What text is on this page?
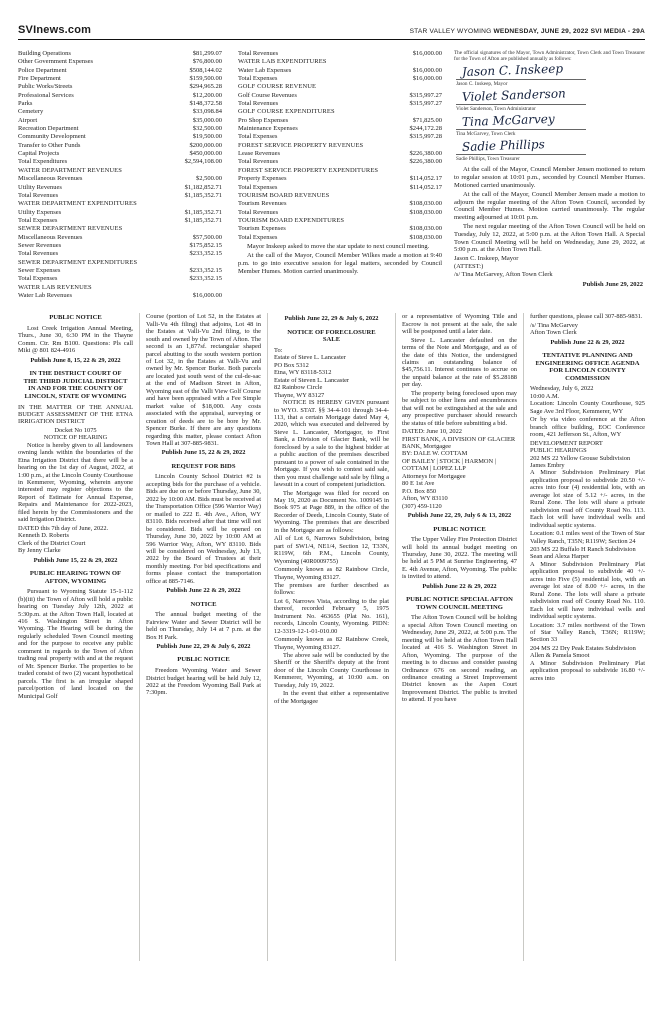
SVInews.com	STAR VALLEY WYOMING WEDNESDAY, JUNE 29, 2022 SVI MEDIA - 29A
Building Operations	$81,299.07
Other Government Expenses	$76,800.00
Police Department	$508,144.02
Fire Department	$159,500.00
Public Works/Streets	$294,965.28
Professional Services	$12,200.00
Parks	$148,372.58
Cemetery	$33,098.84
Airport	$35,000.00
Recreation Department	$32,500.00
Community Development	$19,500.00
Transfer to Other Funds	$200,000.00
Capital Projects	$450,000.00
Total Expenditures	$2,594,108.00
WATER DEPARTMENT REVENUES
Miscellaneous Revenues	$2,500.00
Utility Revenues	$1,182,852.71
Total Revenues	$1,185,352.71
WATER DEPARTMENT EXPENDITURES
Utility Expenses	$1,185,352.71
Total Expenses	$1,185,352.71
SEWER DEPARTMENT REVENUES
Miscellaneous Revenues	$57,500.00
Sewer Revenues	$175,852.15
Total Revenues	$233,352.15
SEWER DEPARTMENT EXPENDITURES
Sewer Expenses	$233,352.15
Total Expenses	$233,352.15
WATER LAB REVENUES
Water Lab Revenues	$16,000.00
Total Revenues	$16,000.00
WATER LAB EXPENDITURES
Water Lab Expenses	$16,000.00
Total Expenses	$16,000.00
GOLF COURSE REVENUE
Golf Course Revenues	$315,997.27
Total Revenues	$315,997.27
GOLF COURSE EXPENDITURES
Pro Shop Expenses	$71,825.00
Maintenance Expenses	$244,172.28
Total Expenses	$315,997.28
FOREST SERVICE PROPERTY REVENUES
Lease Revenues	$226,380.00
Total Revenues	$226,380.00
FOREST SERVICE PROPERTY EXPENDITURES
Property Expenses	$114,052.17
Total Expenses	$114,052.17
TOURISM BOARD REVENUES
Tourism Revenues	$108,030.00
Total Revenues	$108,030.00
TOURISM BOARD EXPENDITURES
Tourism Expenses	$108,030.00
Total Expenses	$108,030.00
Mayor Inskeep asked to move the star update to next council meeting.
At the call of the Mayor, Council Member Wilkes made a motion at 9:40 p.m. to go into executive session for legal matters, seconded by Council Member Humes. Motion carried unanimously.

The official signatures of the Mayor, Town Administrator, Town Clerk and Town Treasurer for the Town of Afton are published annually as follows:

Jason C. Inskeep
Jason C. Inskeep, Mayor
Violet Sanderson
Violet Sanderson, Town Administrator
Tina McGarvey
Tina McGarvey, Town Clerk
Sadie Phillips
Sadie Phillips, Town Treasurer
At the call of the Mayor, Council Member Jensen motioned to return to regular session at 10:01 p.m., seconded by Council Member Humes. Motioned carried unanimously.
At the call of the Mayor, Council Member Jensen made a motion to adjourn the regular meeting of the Afton Town Council, seconded by Council Member Humes. Motion carried unanimously. The regular meeting adjourned at 10:01 p.m.
The next regular meeting of the Afton Town Council will be held on Tuesday, July 12, 2022, at 5:00 p.m. at the Afton Town Hall. A Special Town Council Meeting will be held on Wednesday, June 29, 2022, at 5:00 p.m. at the Afton Town Hall.
Jason C. Inskeep, Mayor
(ATTEST:)
/s/ Tina McGarvey, Afton Town Clerk
Publish June 29, 2022
PUBLIC NOTICE
Lost Creek Irrigation Annual Meeting, Thurs., June 30, 6:30 PM in the Thayne Comm. Ctr. Rm B100. Questions: Pls call Miki @ 801 824-4916
Publish June 8, 15, 22 & 29, 2022
IN THE DISTRICT COURT OF THE THIRD JUDICIAL DISTRICT IN AND FOR THE COUNTY OF LINCOLN, STATE OF WYOMING
IN THE MATTER OF THE ANNUAL BUDGET ASSESSMENT OF THE ETNA IRRIGATION DISTRICT
Docket No 1075
NOTICE OF HEARING
Notice is hereby given to all landowners owning lands within the boundaries of the Etna Irrigation District that there will be a hearing on the 1st day of August, 2022, at 1:00 p.m., at the Lincoln County Courthouse in Kemmerer, Wyoming, wherein anyone interested may register objections to the Report of Estimate for Annual Expense, Repairs and Maintenance for 2022-2023, filed herein by the Commissioners and the said Irrigation District.
DATED this 7th day of June, 2022.
Kenneth D. Roberts
Clerk of the District Court
By Jenny Clarke
Publish June 15, 22 & 29, 2022
PUBLIC HEARING TOWN OF AFTON, WYOMING
Pursuant to Wyoming Statute 15-1-112 (b)(iii) the Town of Afton will hold a public hearing on Tuesday July 12th, 2022 at 5:30p.m. at the Afton Town Hall, located at 416 S. Washington Street in Afton Wyoming. The Hearing will be during the regularly scheduled Town Council meeting and for the purpose to receive any public comment in regards to the Town of Afton trading real property with and at the request of Mr. Spencer Burke. The properties to be traded consist of two (2) vacant hypothetical parcels. The first is an irregular shaped parcel/portion of land located on the Municipal Golf
Course (portion of Lot 52, in the Estates at Valli-Vu 4th filing) that adjoins, Lot 48 in the Estates at Valli-Vu 2nd filing, to the south and owned by the Town of Afton. The second is an 1,877sf. rectangular shaped parcel abutting to the south western portion of Lot 32, in the Estates at Valli-Vu and owned by Mr. Spencer Burke. Both parcels are located just south west of the cul-de-sac at the end of Madison Street in Afton, Wyoming east of the Valli View Golf Course and have been appraised with a Fee Simple market value of $18,000. Any costs associated with the appraisal, surveying or creation of deeds are to be bore by Mr. Spencer Burke. If there are any questions regarding this matter, please contact Afton Town Hall at 307-885-9831.
Publish June 15, 22 & 29, 2022
REQUEST FOR BIDS
Lincoln County School District #2 is accepting bids for the purchase of a vehicle. Bids are due on or before Thursday, June 30, 2022 by 10:00 AM. Bids must be received at the Transportation Office (596 Warrior Way) or mailed to 222 E. 4th Ave., Afton, WY 83110. Bids received after that time will not be considered. Bids will be opened on Thursday, June 30, 2022 by 10:00 AM at 596 Warrior Way, Afton, WY 83110. Bids will be considered on Wednesday, July 13, 2022 by the Board of Trustees at their monthly meeting. For bid specifications and forms please contact the transportation office at 885-7146.
Publish June 22 & 29, 2022
NOTICE
The annual budget meeting of the Fairview Water and Sewer District will be held on Thursday, July 14 at 7 p.m. at the Box H Park.
Publish June 22, 29 & July 6, 2022
PUBLIC NOTICE
Freedom Wyoming Water and Sewer District budget hearing will be held July 12, 2022 at the Freedom Wyoming Ball Park at 7:30pm.
Publish June 22, 29 & July 6, 2022
NOTICE OF FORECLOSURE SALE
To:
Estate of Steve L. Lancaster
PO Box 5312
Etna, WY 83118-5312
Estate of Steven L. Lancaster
82 Rainbow Circle
Thayne, WY 83127
NOTICE IS HEREBY GIVEN pursuant to WYO. STAT. §§ 34-4-101 through 34-4-113, that a certain Mortgage dated May 4, 2020, which was executed and delivered by Steve L. Lancaster, Mortgagor, to First Bank, a Division of Glacier Bank, will be foreclosed by a sale to the highest bidder at a public auction of the premises described pursuant to a power of sale contained in the Mortgage. If you wish to contest said sale, then you must challenge said sale by filing a lawsuit in a court of competent jurisdiction.
The Mortgage was filed for record on May 19, 2020 as Document No. 1009145 in Book 975 at Page 889, in the office of the Recorder of Deeds, Lincoln County, State of Wyoming. The premises that are described in the Mortgage are as follows:
All of Lot 6, Narrows Subdivision, being part of SW1/4, NE1/4, Section 12, T33N, R119W, 6th P.M., Lincoln County, Wyoming (40R0009755)
Commonly known as 82 Rainbow Circle, Thayne, Wyoming 83127.
The premises are further described as follows:
Lot 6, Narrows Vista, according to the plat thereof, recorded February 5, 1975 Instrument No. 463655 (Plat No. 161), records, Lincoln County, Wyoming. PIDN: 12-3319-12-1-01-010.00
Commonly known as 82 Rainbow Creek, Thayne, Wyoming 83127.
The above sale will be conducted by the Sheriff or the Sheriff's deputy at the front door of the Lincoln County Courthouse in Kemmerer, Wyoming, at 10:00 a.m. on Tuesday, July 19, 2022.
In the event that either a representative of the Mortgagee
or a representative of Wyoming Title and Escrow is not present at the sale, the sale will be postponed until a later date.
Steve L. Lancaster defaulted on the terms of the Note and Mortgage, and as of the date of this Notice, the undersigned claims an outstanding balance of $45,756.11. Interest continues to accrue on the unpaid balance at the rate of $5.28188 per day.
The property being foreclosed upon may be subject to other liens and encumbrances that will not be extinguished at the sale and any prospective purchaser should research the status of title before submitting a bid.
DATED: June 10, 2022
FIRST BANK, A DIVISION OF GLACIER BANK, Mortgagee
BY: DALE W. COTTAM
OF BAILEY | STOCK | HARMON | COTTAM | LOPEZ LLP
Attorneys for Mortgagee
80 E 1st Ave
P.O. Box 850
Afton, WY 83110
(307) 459-1120
Publish June 22, 29, July 6 & 13, 2022
PUBLIC NOTICE
The Upper Valley Fire Protection District will hold its annual budget meeting on Thursday, June 30, 2022. The meeting will be held at 5 PM at Sunrise Engineering, 47 E. 4th Avenue, Afton, Wyoming. The public is invited to attend.
Publish June 22 & 29, 2022
PUBLIC NOTICE SPECIAL AFTON TOWN COUNCIL MEETING
The Afton Town Council will be holding a special Afton Town Council meeting on Wednesday, June 29, 2022, at 5:00 p.m. The meeting will be held at the Afton Town Hall located at 416 S. Washington Street in Afton, Wyoming. The purpose of the meeting is to discuss and consider passing Ordinance 676 on second reading, an ordinance creating a Street Improvement District known as the Aspen Court Improvement District. The public is invited to attend. If you have
further questions, please call 307-885-9831.
/s/ Tina McGarvey
Afton Town Clerk
Publish June 22 & 29, 2022
TENTATIVE PLANNING AND ENGINEERING OFFICE AGENDA FOR LINCOLN COUNTY COMMISSION
Wednesday, July 6, 2022
10:00 A.M.
Location: Lincoln County Courthouse, 925 Sage Ave 3rd Floor, Kemmerer, WY
Or by via video conference at the Afton branch office building, EOC Conference room, 421 Jefferson St., Afton, WY
DEVELOPMENT REPORT
PUBLIC HEARINGS
202 MS 22 Yellow Grouse Subdivision
James Embry
A Minor Subdivision Preliminary Plat application proposal to subdivide 20.50 +/- acres into four (4) residential lots, with an average lot size of 5.12 +/- acres, in the Rural Zone. The lots will share a private subdivision road off County Road No. 113. Each lot will have individual wells and individual septic systems.
Location: 0.1 miles west of the Town of Star Valley Ranch, T35N; R119W; Section 24
203 MS 22 Buffalo H Ranch Subdivision
Sean and Alexa Harper
A Minor Subdivision Preliminary Plat application proposal to subdivide 40 +/- acres into Five (5) residential lots, with an average lot size of 8.00 +/- acres, in the Rural Zone. The lots will share a private subdivision road off County Road No. 110. Each lot will have individual wells and individual septic systems.
Location: 3.7 miles northwest of the Town of Star Valley Ranch, T36N; R119W; Section 33
204 MS 22 Dry Peak Estates Subdivision
Allen & Pamela Smoot
A Minor Subdivision Preliminary Plat application proposal to subdivide 16.80 +/- acres into
